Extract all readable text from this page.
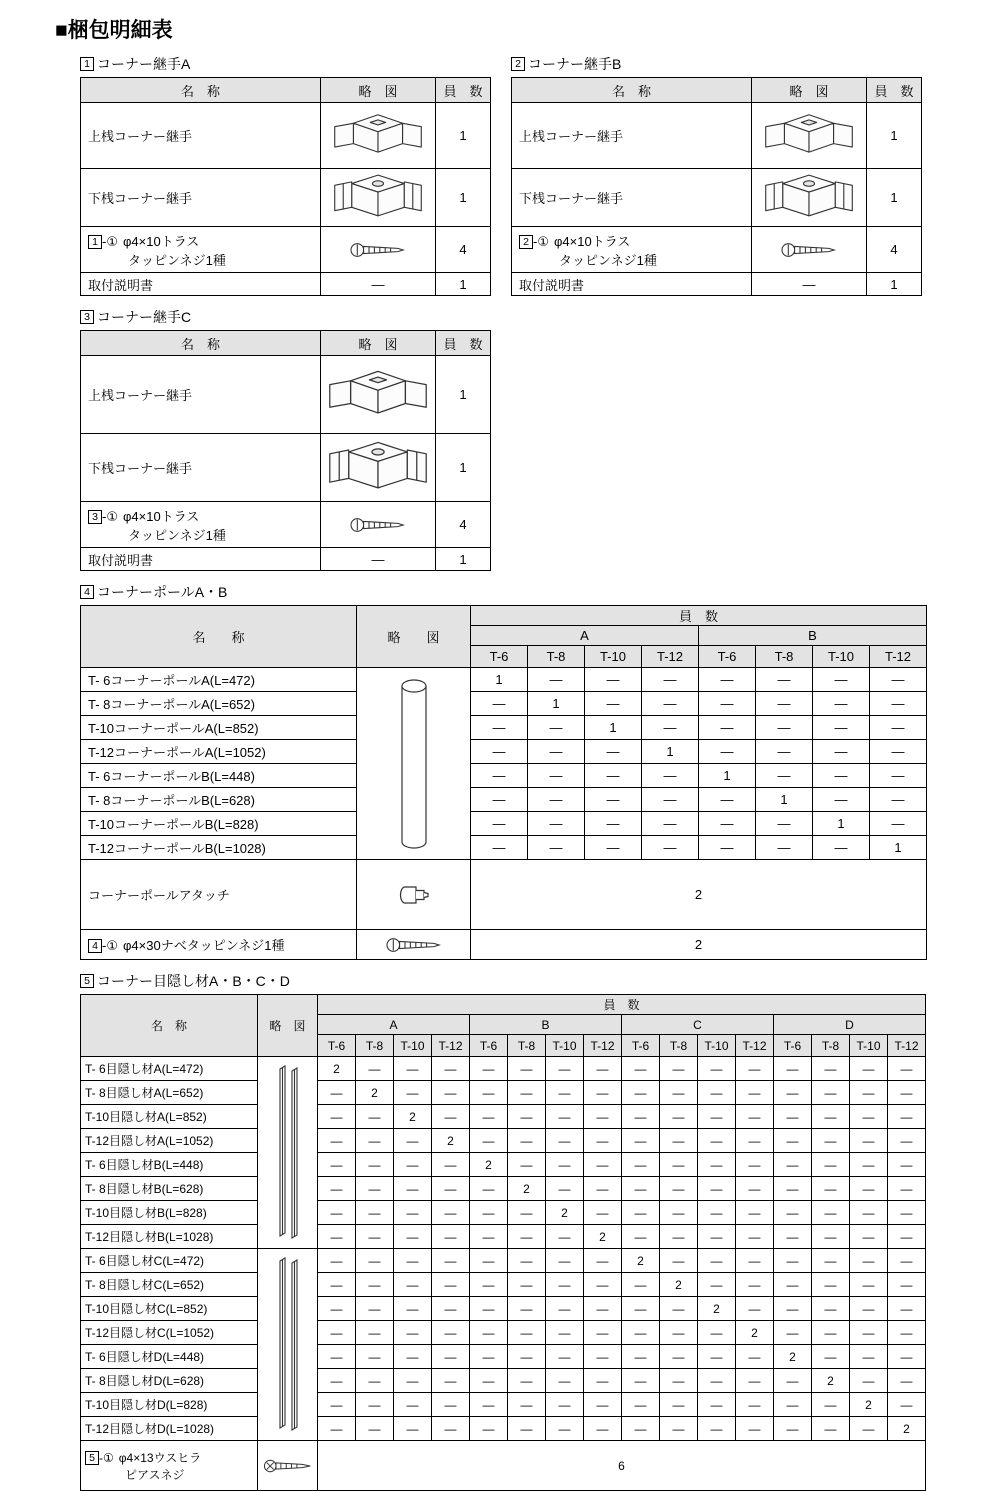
■梱包明細表
1 コーナー継手A
名　称	略　図	員　数
上桟コーナー継手		1
下桟コーナー継手		1

1 -① φ4×10トラス
タッピンネジ1種		4
取付説明書	—	1
2 コーナー継手B
名　称	略　図	員　数
上桟コーナー継手		1
下桟コーナー継手		1

2 -① φ4×10トラス
タッピンネジ1種		4
取付説明書	—	1
3 コーナー継手C
名　称	略　図	員　数
上桟コーナー継手		1
下桟コーナー継手		1

3 -① φ4×10トラス
タッピンネジ1種		4
取付説明書	—	1
4 コーナーポールA・B
名　　称	略　　図	員　数							
		A				B			
		T-6	T-8	T-10	T-12	T-6	T-8	T-10	T-12
T- 6コーナーポールA(L=472)		1	—	—	—	—	—	—	—
T- 8コーナーポールA(L=652)		—	1	—	—	—	—	—	—
T-10コーナーポールA(L=852)		—	—	1	—	—	—	—	—
T-12コーナーポールA(L=1052)		—	—	—	1	—	—	—	—
T- 6コーナーポールB(L=448)		—	—	—	—	1	—	—	—
T- 8コーナーポールB(L=628)		—	—	—	—	—	1	—	—
T-10コーナーポールB(L=828)		—	—	—	—	—	—	1	—
T-12コーナーポールB(L=1028)		—	—	—	—	—	—	—	1
コーナーポールアタッチ		2							

4 -① φ4×30ナベタッピンネジ1種		2							
5 コーナー目隠し材A・B・C・D
名　称	略　図	員　数															
		A				B				C				D			
		T-6	T-8	T-10	T-12	T-6	T-8	T-10	T-12	T-6	T-8	T-10	T-12	T-6	T-8	T-10	T-12
T- 6目隠し材A(L=472)		2	—	—	—	—	—	—	—	—	—	—	—	—	—	—	—
T- 8目隠し材A(L=652)		—	2	—	—	—	—	—	—	—	—	—	—	—	—	—	—
T-10目隠し材A(L=852)		—	—	2	—	—	—	—	—	—	—	—	—	—	—	—	—
T-12目隠し材A(L=1052)		—	—	—	2	—	—	—	—	—	—	—	—	—	—	—	—
T- 6目隠し材B(L=448)		—	—	—	—	2	—	—	—	—	—	—	—	—	—	—	—
T- 8目隠し材B(L=628)		—	—	—	—	—	2	—	—	—	—	—	—	—	—	—	—
T-10目隠し材B(L=828)		—	—	—	—	—	—	2	—	—	—	—	—	—	—	—	—
T-12目隠し材B(L=1028)		—	—	—	—	—	—	—	2	—	—	—	—	—	—	—	—
T- 6目隠し材C(L=472)		—	—	—	—	—	—	—	—	2	—	—	—	—	—	—	—
T- 8目隠し材C(L=652)		—	—	—	—	—	—	—	—	—	2	—	—	—	—	—	—
T-10目隠し材C(L=852)		—	—	—	—	—	—	—	—	—	—	2	—	—	—	—	—
T-12目隠し材C(L=1052)		—	—	—	—	—	—	—	—	—	—	—	2	—	—	—	—
T- 6目隠し材D(L=448)		—	—	—	—	—	—	—	—	—	—	—	—	2	—	—	—
T- 8目隠し材D(L=628)		—	—	—	—	—	—	—	—	—	—	—	—	—	2	—	—
T-10目隠し材D(L=828)		—	—	—	—	—	—	—	—	—	—	—	—	—	—	2	—
T-12目隠し材D(L=1028)		—	—	—	—	—	—	—	—	—	—	—	—	—	—	—	2

5 -① φ4×13ウスヒラ
ピアスネジ		6															
